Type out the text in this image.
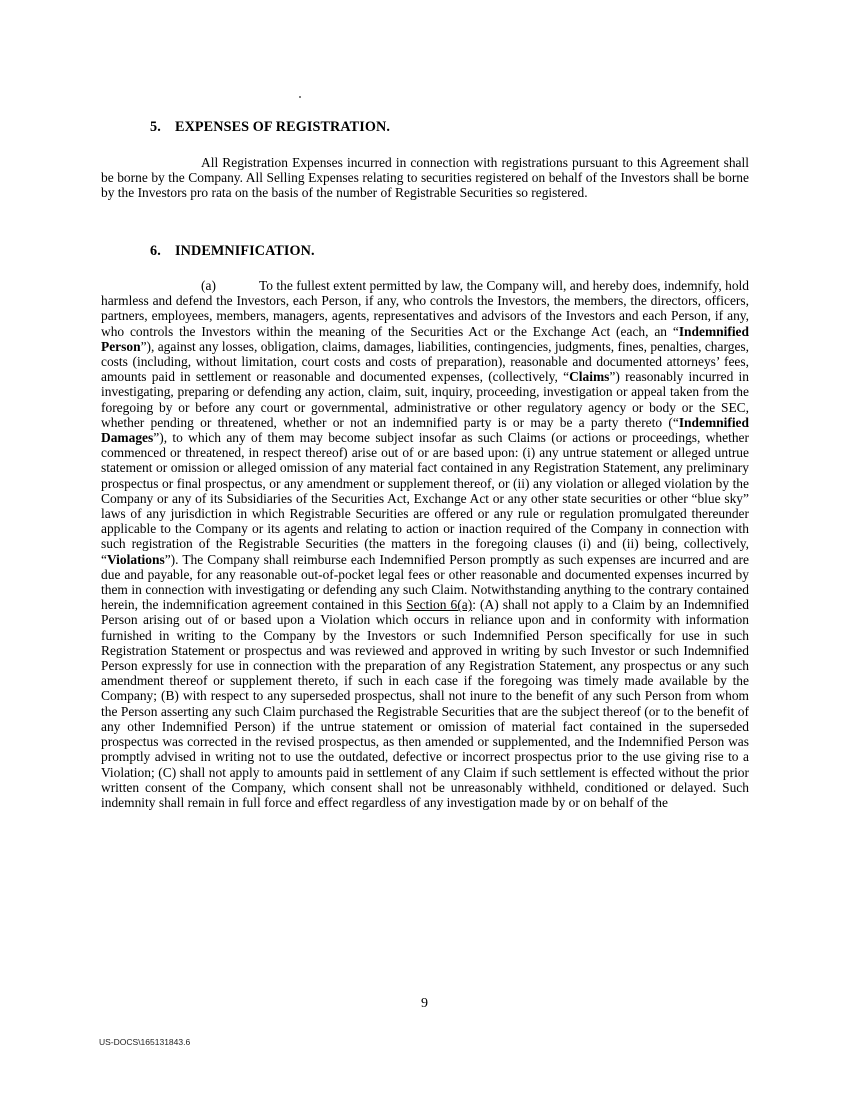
5. EXPENSES OF REGISTRATION.
All Registration Expenses incurred in connection with registrations pursuant to this Agreement shall be borne by the Company. All Selling Expenses relating to securities registered on behalf of the Investors shall be borne by the Investors pro rata on the basis of the number of Registrable Securities so registered.
6. INDEMNIFICATION.
(a)	To the fullest extent permitted by law, the Company will, and hereby does, indemnify, hold harmless and defend the Investors, each Person, if any, who controls the Investors, the members, the directors, officers, partners, employees, members, managers, agents, representatives and advisors of the Investors and each Person, if any, who controls the Investors within the meaning of the Securities Act or the Exchange Act (each, an “Indemnified Person”), against any losses, obligation, claims, damages, liabilities, contingencies, judgments, fines, penalties, charges, costs (including, without limitation, court costs and costs of preparation), reasonable and documented attorneys’ fees, amounts paid in settlement or reasonable and documented expenses, (collectively, “Claims”) reasonably incurred in investigating, preparing or defending any action, claim, suit, inquiry, proceeding, investigation or appeal taken from the foregoing by or before any court or governmental, administrative or other regulatory agency or body or the SEC, whether pending or threatened, whether or not an indemnified party is or may be a party thereto (“Indemnified Damages”), to which any of them may become subject insofar as such Claims (or actions or proceedings, whether commenced or threatened, in respect thereof) arise out of or are based upon: (i) any untrue statement or alleged untrue statement or omission or alleged omission of any material fact contained in any Registration Statement, any preliminary prospectus or final prospectus, or any amendment or supplement thereof, or (ii) any violation or alleged violation by the Company or any of its Subsidiaries of the Securities Act, Exchange Act or any other state securities or other “blue sky” laws of any jurisdiction in which Registrable Securities are offered or any rule or regulation promulgated thereunder applicable to the Company or its agents and relating to action or inaction required of the Company in connection with such registration of the Registrable Securities (the matters in the foregoing clauses (i) and (ii) being, collectively, “Violations”). The Company shall reimburse each Indemnified Person promptly as such expenses are incurred and are due and payable, for any reasonable out-of-pocket legal fees or other reasonable and documented expenses incurred by them in connection with investigating or defending any such Claim. Notwithstanding anything to the contrary contained herein, the indemnification agreement contained in this Section 6(a): (A) shall not apply to a Claim by an Indemnified Person arising out of or based upon a Violation which occurs in reliance upon and in conformity with information furnished in writing to the Company by the Investors or such Indemnified Person specifically for use in such Registration Statement or prospectus and was reviewed and approved in writing by such Investor or such Indemnified Person expressly for use in connection with the preparation of any Registration Statement, any prospectus or any such amendment thereof or supplement thereto, if such in each case if the foregoing was timely made available by the Company; (B) with respect to any superseded prospectus, shall not inure to the benefit of any such Person from whom the Person asserting any such Claim purchased the Registrable Securities that are the subject thereof (or to the benefit of any other Indemnified Person) if the untrue statement or omission of material fact contained in the superseded prospectus was corrected in the revised prospectus, as then amended or supplemented, and the Indemnified Person was promptly advised in writing not to use the outdated, defective or incorrect prospectus prior to the use giving rise to a Violation; (C) shall not apply to amounts paid in settlement of any Claim if such settlement is effected without the prior written consent of the Company, which consent shall not be unreasonably withheld, conditioned or delayed. Such indemnity shall remain in full force and effect regardless of any investigation made by or on behalf of the
9
US-DOCS\165131843.6
